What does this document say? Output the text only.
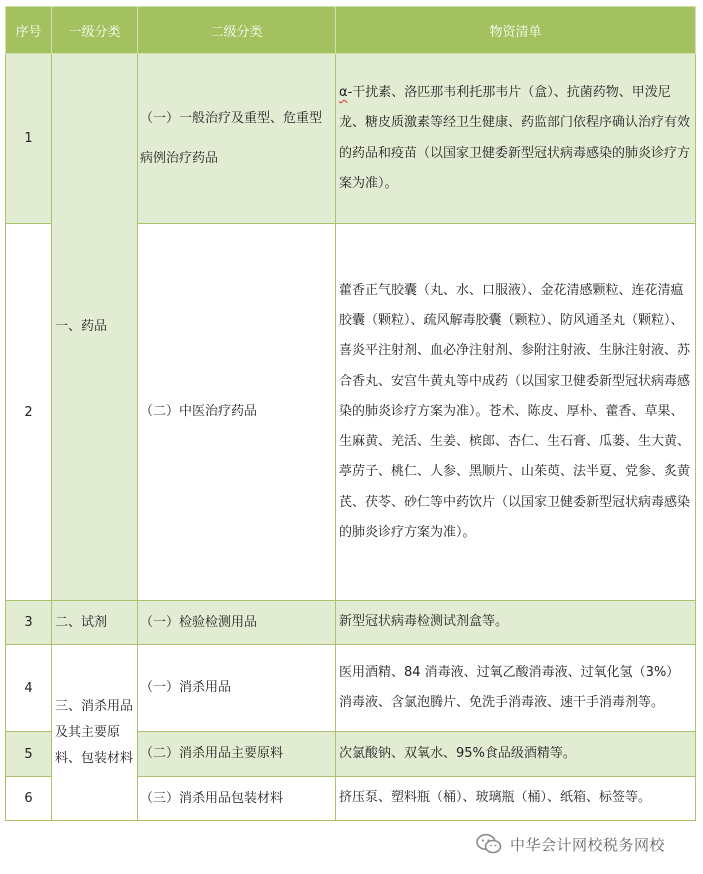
序号	一级分类	二级分类	物资清单
1	一、药品	（一）一般治疗及重型、危重型病例治疗药品	α-干扰素、洛匹那韦利托那韦片（盒）、抗菌药物、甲泼尼龙、糖皮质激素等经卫生健康、药监部门依程序确认治疗有效的药品和疫苗（以国家卫健委新型冠状病毒感染的肺炎诊疗方案为准）。
2		（二）中医治疗药品	藿香正气胶囊（丸、水、口服液）、金花清感颗粒、连花清瘟胶囊（颗粒）、疏风解毒胶囊（颗粒）、防风通圣丸（颗粒）、喜炎平注射剂、血必净注射剂、参附注射液、生脉注射液、苏合香丸、安宫牛黄丸等中成药（以国家卫健委新型冠状病毒感染的肺炎诊疗方案为准）。苍术、陈皮、厚朴、藿香、草果、生麻黄、羌活、生姜、槟郎、杏仁、生石膏、瓜蒌、生大黄、葶苈子、桃仁、人参、黑顺片、山茱萸、法半夏、党参、炙黄芪、茯苓、砂仁等中药饮片（以国家卫健委新型冠状病毒感染的肺炎诊疗方案为准）。
3	二、试剂	（一）检验检测用品	新型冠状病毒检测试剂盒等。
4	三、消杀用品及其主要原料、包装材料	（一）消杀用品	医用酒精、84 消毒液、过氧乙酸消毒液、过氧化氢（3%）消毒液、含氯泡腾片、免洗手消毒液、速干手消毒剂等。
5		（二）消杀用品主要原料	次氯酸钠、双氧水、95%食品级酒精等。
6		（三）消杀用品包装材料	挤压泵、塑料瓶（桶）、玻璃瓶（桶）、纸箱、标签等。
中华会计网校税务网校
